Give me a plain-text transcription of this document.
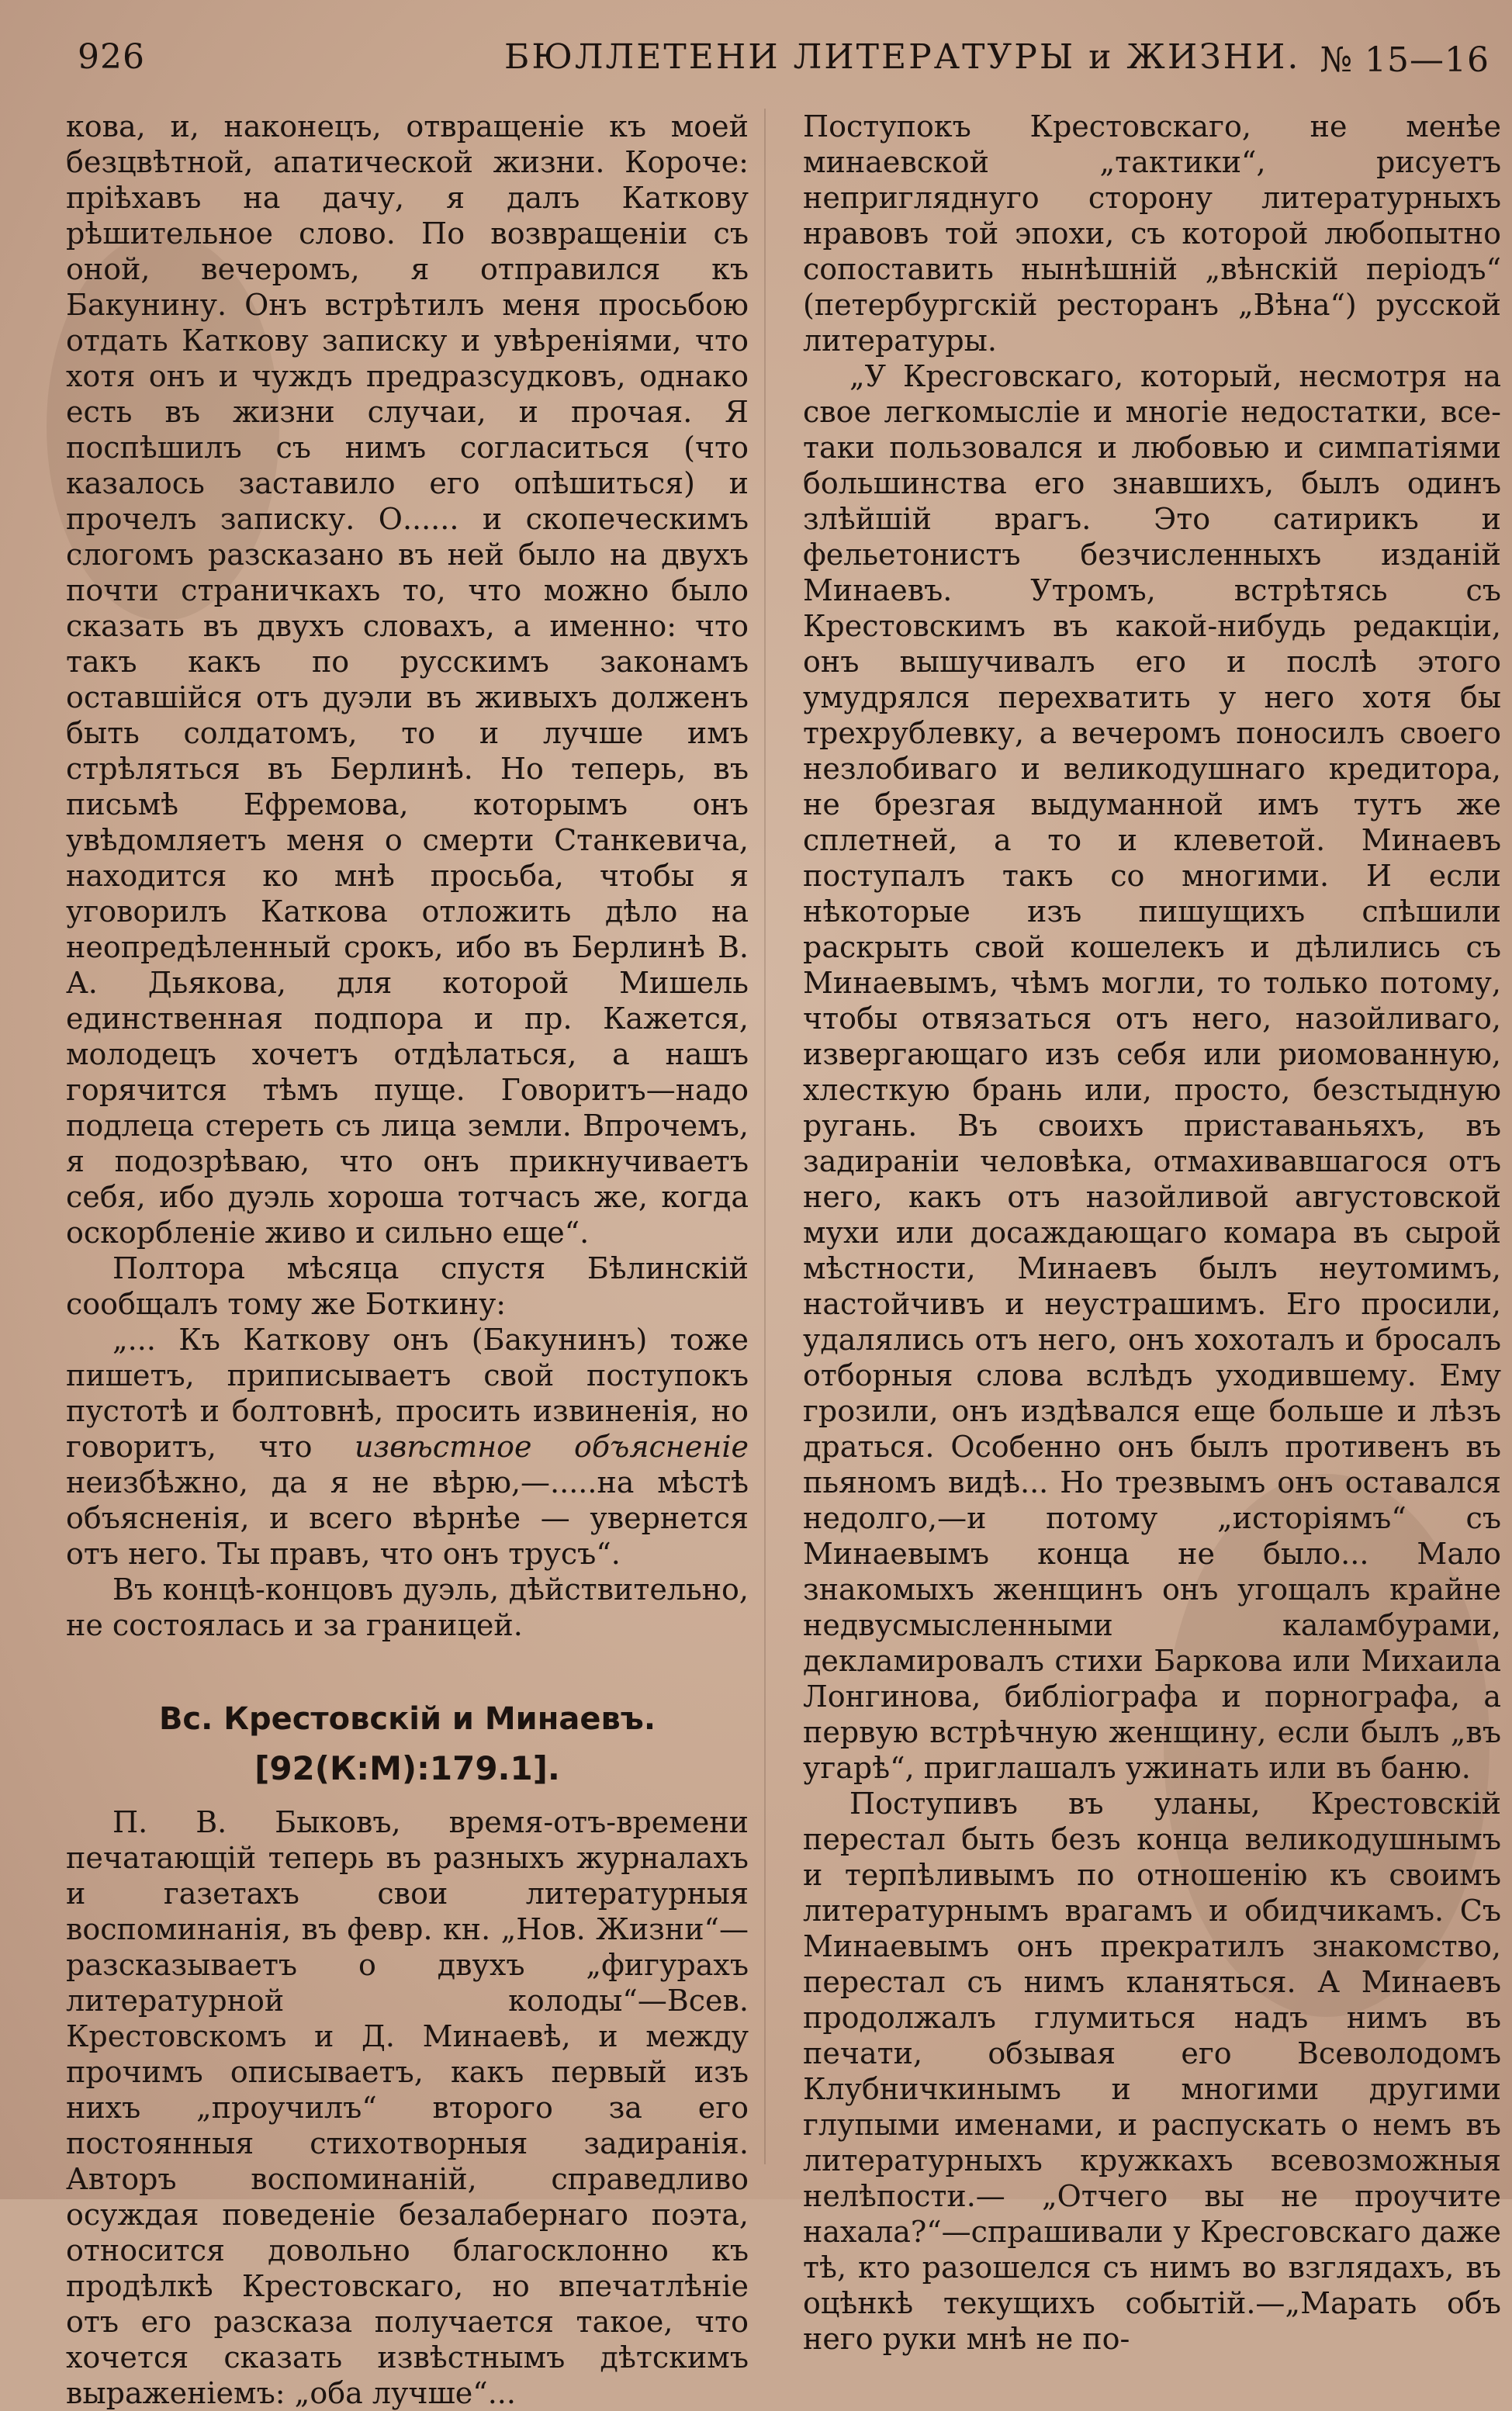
926	БЮЛЛЕТЕНИ ЛИТЕРАТУРЫ и ЖИЗНИ. № 15—16

кова, и, наконецъ, отвращеніе къ моей безцвѣтной, апатической жизни. Короче: пріѣхавъ на дачу, я далъ Каткову рѣшительное слово. По возвращеніи съ оной, вечеромъ, я отправился къ Бакунину. Онъ встрѣтилъ меня просьбою отдать Каткову записку и увѣреніями, что хотя онъ и чуждъ предразсудковъ, однако есть въ жизни случаи, и прочая. Я поспѣшилъ съ нимъ согласиться (что казалось заставило его опѣшиться) и прочелъ записку. О...... и скопеческимъ слогомъ разсказано въ ней было на двухъ почти страничкахъ то, что можно было сказать въ двухъ словахъ, а именно: что такъ какъ по русскимъ законамъ оставшійся отъ дуэли въ живыхъ долженъ быть солдатомъ, то и лучше имъ стрѣляться въ Берлинѣ. Но теперь, въ письмѣ Ефремова, которымъ онъ увѣдомляетъ меня о смерти Станкевича, находится ко мнѣ просьба, чтобы я уговорилъ Каткова отложить дѣло на неопредѣленный срокъ, ибо въ Берлинѣ В. А. Дьякова, для которой Мишель единственная подпора и пр. Кажется, молодецъ хочетъ отдѣлаться, а нашъ горячится тѣмъ пуще. Говоритъ—надо подлеца стереть съ лица земли. Впрочемъ, я подозрѣваю, что онъ прикнучиваетъ себя, ибо дуэль хороша тотчасъ же, когда оскорбленіе живо и сильно еще“.

Полтора мѣсяца спустя Бѣлинскій сообщалъ тому же Боткину:

„... Къ Каткову онъ (Бакунинъ) тоже пишетъ, приписываетъ свой поступокъ пустотѣ и болтовнѣ, просить извиненія, но говоритъ, что извѣстное объясненіе неизбѣжно, да я не вѣрю,—.....на мѣстѣ объясненія, и всего вѣрнѣе — увернется отъ него. Ты правъ, что онъ трусъ“.

Въ концѣ-концовъ дуэль, дѣйствительно, не состоялась и за границей.

Вс. Крестовскій и Минаевъ.
[92(К:М):179.1].

П. В. Быковъ, время-отъ-времени печатающій теперь въ разныхъ журналахъ и газетахъ свои литературныя воспоминанія, въ февр. кн. „Нов. Жизни“—разсказываетъ о двухъ „фигурахъ литературной колоды“—Всев. Крестовскомъ и Д. Минаевѣ, и между прочимъ описываетъ, какъ первый изъ нихъ „проучилъ“ второго за его постоянныя стихотворныя задиранія. Авторъ воспоминаній, справедливо осуждая поведеніе безалабернаго поэта, относится довольно благосклонно къ продѣлкѣ Крестовскаго, но впечатлѣніе отъ его разсказа получается такое, что хочется сказать извѣстнымъ дѣтскимъ выраженіемъ: „оба лучше“...

Поступокъ Крестовскаго, не менѣе минаевской „тактики“, рисуетъ непригляднуго сторону литературныхъ нравовъ той эпохи, съ которой любопытно сопоставить нынѣшній „вѣнскій періодъ“ (петербургскій ресторанъ „Вѣна“) русской литературы.

„У Кресговскаго, который, несмотря на свое легкомысліе и многіе недостатки, все-таки пользовался и любовью и симпатіями большинства его знавшихъ, былъ одинъ злѣйшій врагъ. Это сатирикъ и фельетонистъ безчисленныхъ изданій Минаевъ. Утромъ, встрѣтясь съ Крестовскимъ въ какой-нибудь редакціи, онъ вышучивалъ его и послѣ этого умудрялся перехватить у него хотя бы трехрублевку, а вечеромъ поносилъ своего незлобиваго и великодушнаго кредитора, не брезгая выдуманной имъ тутъ же сплетней, а то и клеветой. Минаевъ поступалъ такъ со многими. И если нѣкоторые изъ пишущихъ спѣшили раскрыть свой кошелекъ и дѣлились съ Минаевымъ, чѣмъ могли, то только потому, чтобы отвязаться отъ него, назойливаго, извергающаго изъ себя или риомованную, хлесткую брань или, просто, безстыдную ругань. Въ своихъ приставаньяхъ, въ задираніи человѣка, отмахивавшагося отъ него, какъ отъ назойливой августовской мухи или досаждающаго комара въ сырой мѣстности, Минаевъ былъ неутомимъ, настойчивъ и неустрашимъ. Его просили, удалялись отъ него, онъ хохоталъ и бросалъ отборныя слова вслѣдъ уходившему. Ему грозили, онъ издѣвался еще больше и лѣзъ драться. Особенно онъ былъ противенъ въ пьяномъ видѣ... Но трезвымъ онъ оставался недолго,—и потому „исторіямъ“ съ Минаевымъ конца не было... Мало знакомыхъ женщинъ онъ угощалъ крайне недвусмысленными каламбурами, декламировалъ стихи Баркова или Михаила Лонгинова, библіографа и порнографа, а первую встрѣчную женщину, если былъ „въ угарѣ“, приглашалъ ужинать или въ баню.

Поступивъ въ уланы, Крестовскій перестал быть безъ конца великодушнымъ и терпѣливымъ по отношенію къ своимъ литературнымъ врагамъ и обидчикамъ. Съ Минаевымъ онъ прекратилъ знакомство, перестал съ нимъ кланяться. А Минаевъ продолжалъ глумиться надъ нимъ въ печати, обзывая его Всеволодомъ Клубничкинымъ и многими другими глупыми именами, и распускать о немъ въ литературныхъ кружкахъ всевозможныя нелѣпости.— „Отчего вы не проучите нахала?“—спрашивали у Кресговскаго даже тѣ, кто разошелся съ нимъ во взглядахъ, въ оцѣнкѣ текущихъ событій.—„Марать объ него руки мнѣ не по-
